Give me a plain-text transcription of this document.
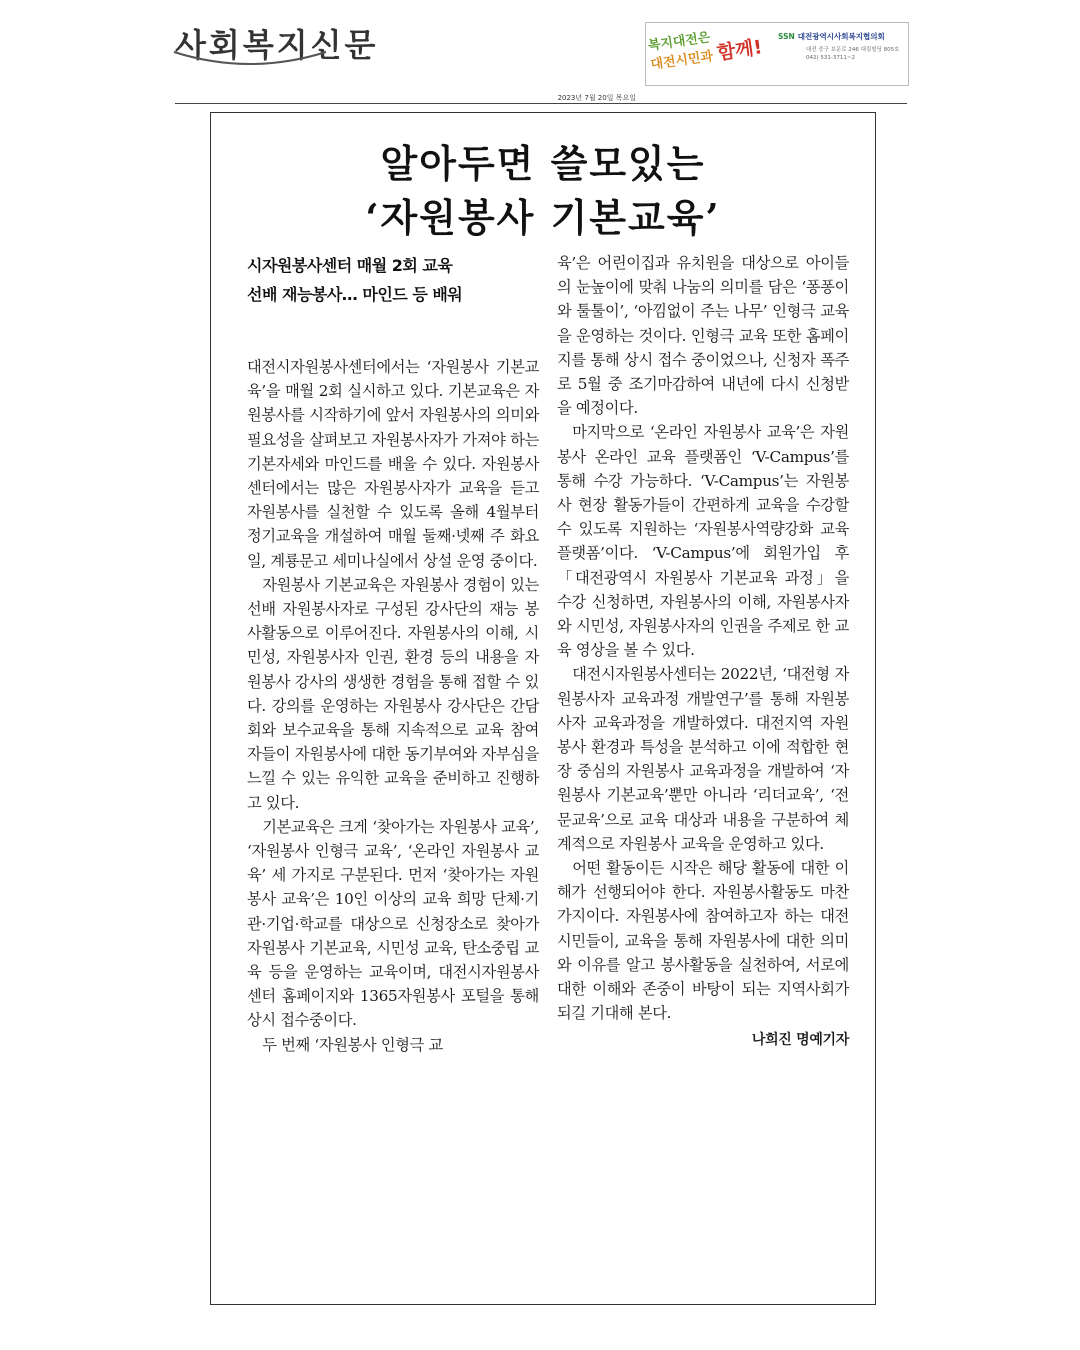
사회복지신문
2023년 7월 20일 목요일
복지대전은
대전시민과 함께!	SSN 대전광역시사회복지협의회
대전 중구 보문로 246 대림빌딩 805호
042) 531-3711~2
알아두면 쓸모있는
‘자원봉사 기본교육’
시자원봉사센터 매월 2회 교육
선배 재능봉사… 마인드 등 배워

대전시자원봉사센터에서는 ‘자원봉사 기본교육’을 매월 2회 실시하고 있다. 기본교육은 자원봉사를 시작하기에 앞서 자원봉사의 의미와 필요성을 살펴보고 자원봉사자가 가져야 하는 기본자세와 마인드를 배울 수 있다. 자원봉사센터에서는 많은 자원봉사자가 교육을 듣고 자원봉사를 실천할 수 있도록 올해 4월부터 정기교육을 개설하여 매월 둘째·넷째 주 화요일, 계룡문고 세미나실에서 상설 운영 중이다.

자원봉사 기본교육은 자원봉사 경험이 있는 선배 자원봉사자로 구성된 강사단의 재능 봉사활동으로 이루어진다. 자원봉사의 이해, 시민성, 자원봉사자 인권, 환경 등의 내용을 자원봉사 강사의 생생한 경험을 통해 접할 수 있다. 강의를 운영하는 자원봉사 강사단은 간담회와 보수교육을 통해 지속적으로 교육 참여자들이 자원봉사에 대한 동기부여와 자부심을 느낄 수 있는 유익한 교육을 준비하고 진행하고 있다.

기본교육은 크게 ‘찾아가는 자원봉사 교육’, ‘자원봉사 인형극 교육’, ‘온라인 자원봉사 교육’ 세 가지로 구분된다. 먼저 ‘찾아가는 자원봉사 교육’은 10인 이상의 교육 희망 단체·기관·기업·학교를 대상으로 신청장소로 찾아가 자원봉사 기본교육, 시민성 교육, 탄소중립 교육 등을 운영하는 교육이며, 대전시자원봉사센터 홈페이지와 1365자원봉사 포털을 통해 상시 접수중이다.

두 번째 ‘자원봉사 인형극 교

육’은 어린이집과 유치원을 대상으로 아이들의 눈높이에 맞춰 나눔의 의미를 담은 ‘퐁퐁이와 툴툴이’, ‘아낌없이 주는 나무’ 인형극 교육을 운영하는 것이다. 인형극 교육 또한 홈페이지를 통해 상시 접수 중이었으나, 신청자 폭주로 5월 중 조기마감하여 내년에 다시 신청받을 예정이다.

마지막으로 ‘온라인 자원봉사 교육’은 자원봉사 온라인 교육 플랫폼인 ‘V-Campus’를 통해 수강 가능하다. ‘V-Campus’는 자원봉사 현장 활동가들이 간편하게 교육을 수강할 수 있도록 지원하는 ‘자원봉사역량강화 교육 플랫폼’이다. ‘V-Campus’에 회원가입 후 「대전광역시 자원봉사 기본교육 과정」을 수강 신청하면, 자원봉사의 이해, 자원봉사자와 시민성, 자원봉사자의 인권을 주제로 한 교육 영상을 볼 수 있다.

대전시자원봉사센터는 2022년, ‘대전형 자원봉사자 교육과정 개발연구’를 통해 자원봉사자 교육과정을 개발하였다. 대전지역 자원봉사 환경과 특성을 분석하고 이에 적합한 현장 중심의 자원봉사 교육과정을 개발하여 ‘자원봉사 기본교육’뿐만 아니라 ‘리더교육’, ‘전문교육’으로 교육 대상과 내용을 구분하여 체계적으로 자원봉사 교육을 운영하고 있다.

어떤 활동이든 시작은 해당 활동에 대한 이해가 선행되어야 한다. 자원봉사활동도 마찬가지이다. 자원봉사에 참여하고자 하는 대전시민들이, 교육을 통해 자원봉사에 대한 의미와 이유를 알고 봉사활동을 실천하여, 서로에 대한 이해와 존중이 바탕이 되는 지역사회가 되길 기대해 본다.

나희진 명예기자
